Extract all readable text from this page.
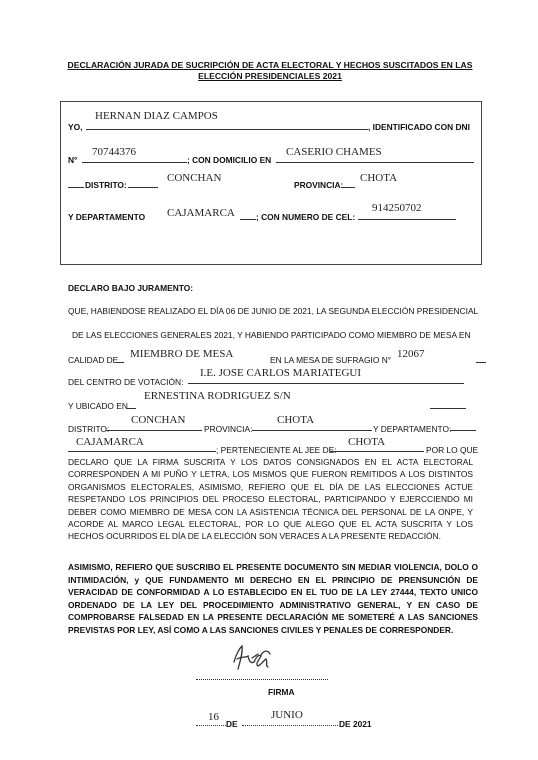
DECLARACIÓN JURADA DE SUCRIPCIÓN DE ACTA ELECTORAL Y HECHOS SUSCITADOS EN LAS
ELECCIÓN PRESIDENCIALES 2021
YO,
HERNAN DIAZ CAMPOS
, IDENTIFICADO CON DNI
N°
70744376
; CON DOMICILIO EN
CASERIO CHAMES
DISTRITO:
CONCHAN
PROVINCIA:
CHOTA
Y DEPARTAMENTO CAJAMARCA	; CON NUMERO DE CEL:
914250702
DECLARO BAJO JURAMENTO:
QUE, HABIENDOSE REALIZADO EL DÍA 06 DE JUNIO DE 2021, LA SEGUNDA ELECCIÓN PRESIDENCIAL
DE LAS ELECCIONES GENERALES 2021, Y HABIENDO PARTICIPADO COMO MIEMBRO DE MESA EN
CALIDAD DE MIEMBRO DE MESA	EN LA MESA DE SUFRAGIO N° 12067
DEL CENTRO DE VOTACIÓN:
I.E. JOSE CARLOS MARIATEGUI
Y UBICADO EN
ERNESTINA RODRIGUEZ S/N
DISTRITO:
CONCHAN
PROVINCIA:
CHOTA
Y DEPARTAMENTO:
CAJAMARCA
; PERTENECIENTE AL JEE DE:
CHOTA
POR LO QUE
DECLARO QUE LA FIRMA SUSCRITA Y LOS DATOS CONSIGNADOS EN EL ACTA ELECTORAL CORRESPONDEN A MI PUÑO Y LETRA, LOS MISMOS QUE FUERON REMITIDOS A LOS DISTINTOS ORGANISMOS ELECTORALES, ASIMISMO, REFIERO QUE EL DÍA DE LAS ELECCIONES ACTUE RESPETANDO LOS PRINCIPIOS DEL PROCESO ELECTORAL, PARTICIPANDO Y EJERCCIENDO MI DEBER COMO MIEMBRO DE MESA CON LA ASISTENCIA TÉCNICA DEL PERSONAL DE LA ONPE, Y ACORDE AL MARCO LEGAL ELECTORAL, POR LO QUE ALEGO QUE EL ACTA SUSCRITA Y LOS HECHOS OCURRIDOS EL DÍA DE LA ELECCIÓN SON VERACES A LA PRESENTE REDACCIÓN.
ASIMISMO, REFIERO QUE SUSCRIBO EL PRESENTE DOCUMENTO SIN MEDIAR VIOLENCIA, DOLO O INTIMIDACIÓN, y QUE FUNDAMENTO MI DERECHO EN EL PRINCIPIO DE PRENSUNCIÓN DE VERACIDAD DE CONFORMIDAD A LO ESTABLECIDO EN EL TUO DE LA LEY 27444, TEXTO UNICO ORDENADO DE LA LEY DEL PROCEDIMIENTO ADMINISTRATIVO GENERAL, Y EN CASO DE COMPROBARSE FALSEDAD EN LA PRESENTE DECLARACIÓN ME SOMETERÉ A LAS SANCIONES PREVISTAS POR LEY, ASÍ COMO A LAS SANCIONES CIVILES Y PENALES DE CORRESPONDER.
FIRMA
16
DE
JUNIO
DE 2021
